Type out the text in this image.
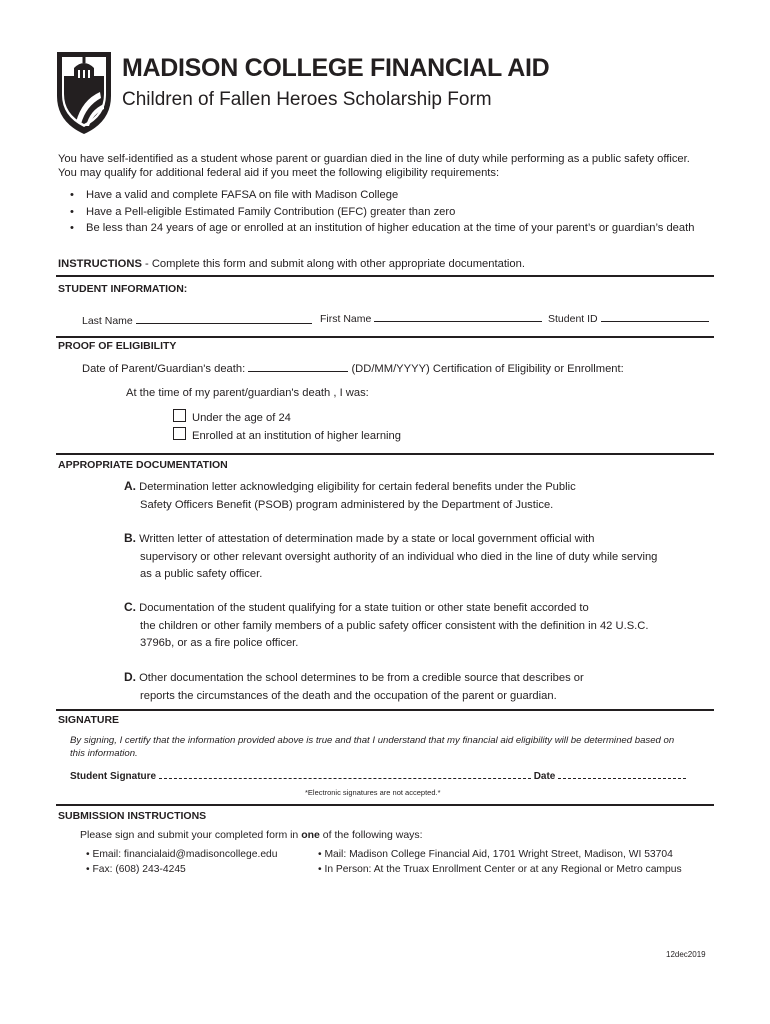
MADISON COLLEGE FINANCIAL AID
Children of Fallen Heroes Scholarship Form
You have self-identified as a student whose parent or guardian died in the line of duty while performing as a public safety officer. You may qualify for additional federal aid if you meet the following eligibility requirements:
• Have a valid and complete FAFSA on file with Madison College
• Have a Pell-eligible Estimated Family Contribution (EFC) greater than zero
• Be less than 24 years of age or enrolled at an institution of higher education at the time of your parent’s or guardian’s death
INSTRUCTIONS - Complete this form and submit along with other appropriate documentation.
STUDENT INFORMATION:
Last Name	First Name	Student ID
PROOF OF ELIGIBILITY
Date of Parent/Guardian's death:	(DD/MM/YYYY) Certification of Eligibility or Enrollment:
At the time of my parent/guardian's death , I was:
Under the age of 24
Enrolled at an institution of higher learning
APPROPRIATE DOCUMENTATION
A. Determination letter acknowledging eligibility for certain federal benefits under the Public
Safety Officers Benefit (PSOB) program administered by the Department of Justice.
B. Written letter of attestation of determination made by a state or local government official with
supervisory or other relevant oversight authority of an individual who died in the line of duty while serving as a public safety officer.
C. Documentation of the student qualifying for a state tuition or other state benefit accorded to
the children or other family members of a public safety officer consistent with the definition in 42 U.S.C. 3796b, or as a fire police officer.
D. Other documentation the school determines to be from a credible source that describes or
reports the circumstances of the death and the occupation of the parent or guardian.
SIGNATURE
By signing, I certify that the information provided above is true and that I understand that my financial aid eligibility will be determined based on this information.
Student Signature	Date
*Electronic signatures are not accepted.*
SUBMISSION INSTRUCTIONS
Please sign and submit your completed form in one of the following ways:
• Email: financialaid@madisoncollege.edu
• Fax: (608) 243-4245
• Mail: Madison College Financial Aid, 1701 Wright Street, Madison, WI 53704
• In Person: At the Truax Enrollment Center or at any Regional or Metro campus
12dec2019
